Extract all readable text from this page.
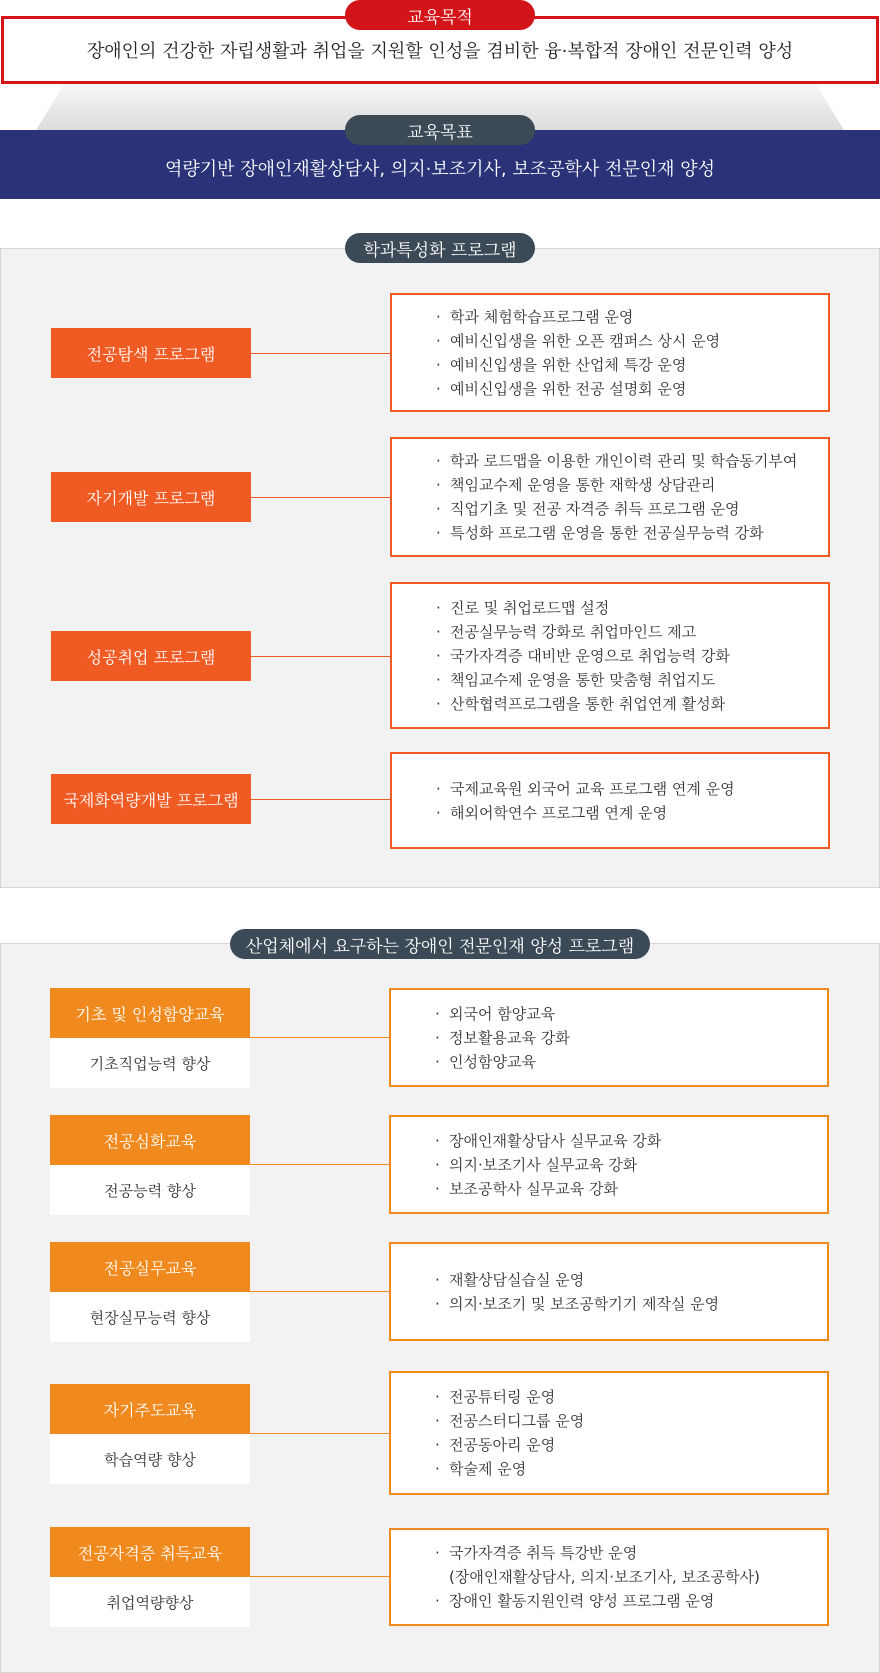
장애인의 건강한 자립생활과 취업을 지원할 인성을 겸비한 융·복합적 장애인 전문인력 양성
교육목적
역량기반 장애인재활상담사, 의지·보조기사, 보조공학사 전문인재 양성
교육목표
학과특성화 프로그램
전공탐색 프로그램
· 학과 체험학습프로그램 운영
· 예비신입생을 위한 오픈 캠퍼스 상시 운영
· 예비신입생을 위한 산업체 특강 운영
· 예비신입생을 위한 전공 설명회 운영
자기개발 프로그램
· 학과 로드맵을 이용한 개인이력 관리 및 학습동기부여
· 책임교수제 운영을 통한 재학생 상담관리
· 직업기초 및 전공 자격증 취득 프로그램 운영
· 특성화 프로그램 운영을 통한 전공실무능력 강화
성공취업 프로그램
· 진로 및 취업로드맵 설정
· 전공실무능력 강화로 취업마인드 제고
· 국가자격증 대비반 운영으로 취업능력 강화
· 책임교수제 운영을 통한 맞춤형 취업지도
· 산학협력프로그램을 통한 취업연계 활성화
국제화역량개발 프로그램
· 국제교육원 외국어 교육 프로그램 연계 운영
· 해외어학연수 프로그램 연계 운영
산업체에서 요구하는 장애인 전문인재 양성 프로그램
기초 및 인성함양교육
기초직업능력 향상
· 외국어 함양교육
· 정보활용교육 강화
· 인성함양교육
전공심화교육
전공능력 향상
· 장애인재활상담사 실무교육 강화
· 의지·보조기사 실무교육 강화
· 보조공학사 실무교육 강화
전공실무교육
현장실무능력 향상
· 재활상담실습실 운영
· 의지·보조기 및 보조공학기기 제작실 운영
자기주도교육
학습역량 향상
· 전공튜터링 운영
· 전공스터디그룹 운영
· 전공동아리 운영
· 학술제 운영
전공자격증 취득교육
취업역량향상
· 국가자격증 취득 특강반 운영
(장애인재활상담사, 의지·보조기사, 보조공학사)
· 장애인 활동지원인력 양성 프로그램 운영
